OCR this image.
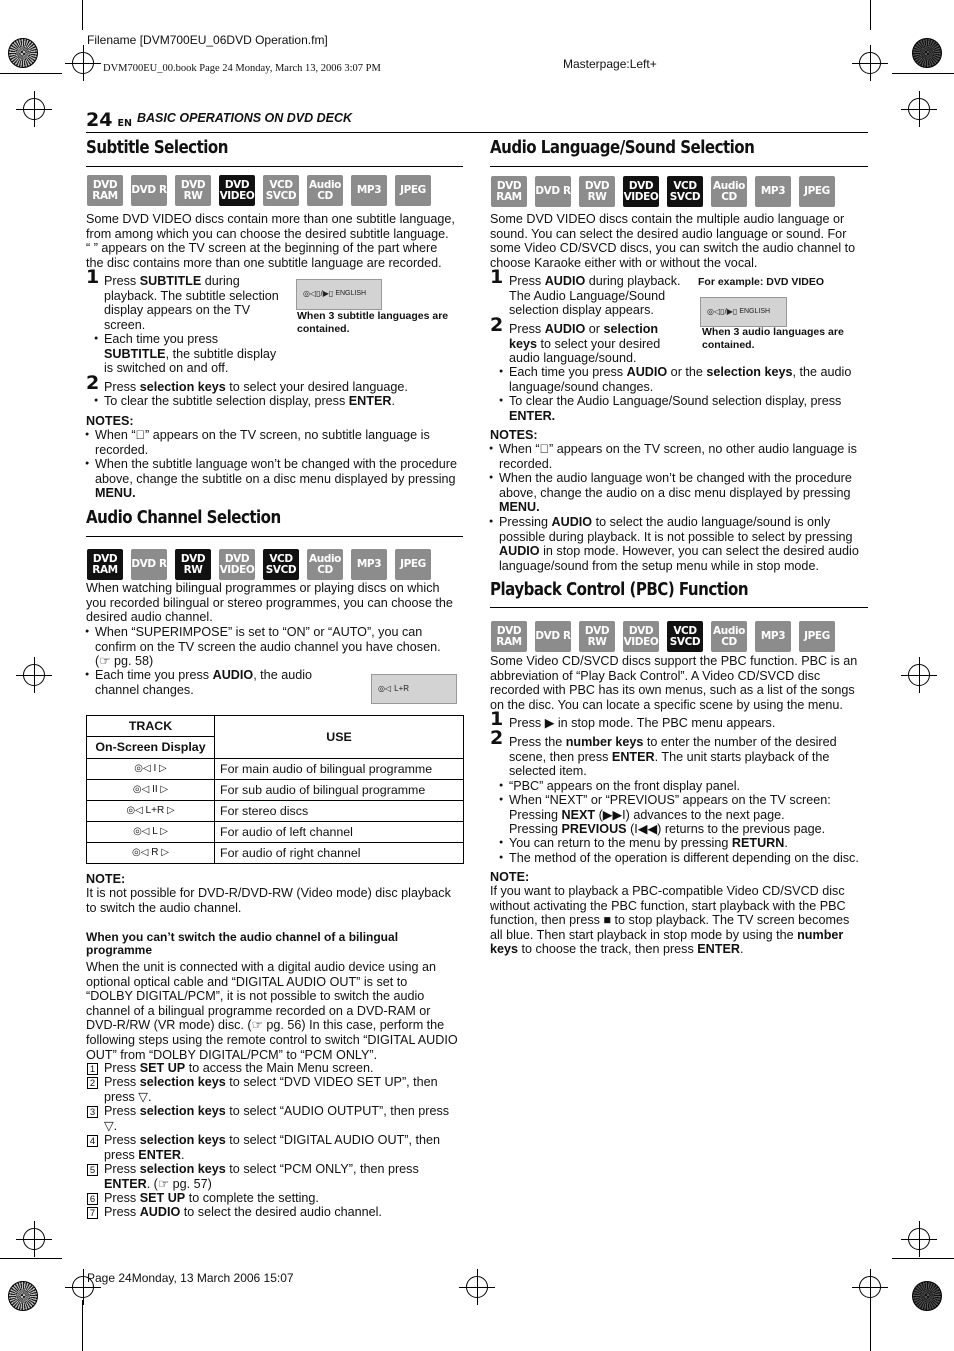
Filename [DVM700EU_06DVD Operation.fm]
DVM700EU_00.book Page 24 Monday, March 13, 2006 3:07 PM	Masterpage:Left+
24 EN BASIC OPERATIONS ON DVD DECK
Subtitle Selection
DVD RAM	DVD R	DVD RW
DVD VIDEO
VCD SVCD
Audio CD	MP3	JPEG
Some DVD VIDEO discs contain more than one subtitle language,
from among which you can choose the desired subtitle language.
“ ” appears on the TV screen at the beginning of the part where
the disc contains more than one subtitle language are recorded.
1 Press SUBTITLE during
playback. The subtitle selection
display appears on the TV
screen.
● Each time you press
SUBTITLE, the subtitle display
is switched on and off.
◎◁▯/▶▯ ENGLISH
When 3 subtitle languages are
contained.
2 Press selection keys to select your desired language.
● To clear the subtitle selection display, press ENTER.
NOTES:
● When “” appears on the TV screen, no subtitle language is
recorded.
● When the subtitle language won’t be changed with the procedure
above, change the subtitle on a disc menu displayed by pressing
MENU.
Audio Channel Selection
DVD RAM	DVD R	DVD RW
DVD VIDEO
VCD SVCD
Audio CD	MP3	JPEG
When watching bilingual programmes or playing discs on which
you recorded bilingual or stereo programmes, you can choose the
desired audio channel.
● When “SUPERIMPOSE” is set to “ON” or “AUTO”, you can
confirm on the TV screen the audio channel you have chosen.
(☞ pg. 58)
● Each time you press AUDIO, the audio
channel changes.	◎◁ L+R
TRACK	USE
On-Screen Display	
◎◁ I ▷	For main audio of bilingual programme
◎◁ II ▷	For sub audio of bilingual programme
◎◁ L+R ▷	For stereo discs
◎◁ L ▷	For audio of left channel
◎◁ R ▷	For audio of right channel
NOTE:
It is not possible for DVD-R/DVD-RW (Video mode) disc playback
to switch the audio channel.
When you can’t switch the audio channel of a bilingual
programme
When the unit is connected with a digital audio device using an
optional optical cable and “DIGITAL AUDIO OUT” is set to
“DOLBY DIGITAL/PCM”, it is not possible to switch the audio
channel of a bilingual programme recorded on a DVD-RAM or
DVD-R/RW (VR mode) disc. (☞ pg. 56) In this case, perform the
following steps using the remote control to switch “DIGITAL AUDIO
OUT” from “DOLBY DIGITAL/PCM” to “PCM ONLY”.
1 Press SET UP to access the Main Menu screen.
2 Press selection keys to select “DVD VIDEO SET UP”, then
press ▽.
3 Press selection keys to select “AUDIO OUTPUT”, then press
▽.
4 Press selection keys to select “DIGITAL AUDIO OUT”, then
press ENTER.
5 Press selection keys to select “PCM ONLY”, then press
ENTER. (☞ pg. 57)
6 Press SET UP to complete the setting.
7 Press AUDIO to select the desired audio channel.
Audio Language/Sound Selection
DVD RAM	DVD R	DVD RW
DVD VIDEO
VCD SVCD
Audio CD	MP3	JPEG
Some DVD VIDEO discs contain the multiple audio language or
sound. You can select the desired audio language or sound. For
some Video CD/SVCD discs, you can switch the audio channel to
choose Karaoke either with or without the vocal.
1 Press AUDIO during playback.
The Audio Language/Sound
selection display appears.
For example: DVD VIDEO
◎◁▯/▶▯ ENGLISH
When 3 audio languages are
contained.
2 Press AUDIO or selection
keys to select your desired
audio language/sound.
● Each time you press AUDIO or the selection keys, the audio
language/sound changes.
● To clear the Audio Language/Sound selection display, press
ENTER.
NOTES:
● When “” appears on the TV screen, no other audio language is
recorded.
● When the audio language won’t be changed with the procedure
above, change the audio on a disc menu displayed by pressing
MENU.
● Pressing AUDIO to select the audio language/sound is only
possible during playback. It is not possible to select by pressing
AUDIO in stop mode. However, you can select the desired audio
language/sound from the setup menu while in stop mode.
Playback Control (PBC) Function
DVD RAM	DVD R	DVD RW
DVD VIDEO
VCD SVCD
Audio CD	MP3	JPEG
Some Video CD/SVCD discs support the PBC function. PBC is an
abbreviation of “Play Back Control”. A Video CD/SVCD disc
recorded with PBC has its own menus, such as a list of the songs
on the disc. You can locate a specific scene by using the menu.
1 Press ▶ in stop mode. The PBC menu appears.
2 Press the number keys to enter the number of the desired
scene, then press ENTER. The unit starts playback of the
selected item.
● “PBC” appears on the front display panel.
● When “NEXT” or “PREVIOUS” appears on the TV screen:
Pressing NEXT (▶▶I) advances to the next page.
Pressing PREVIOUS (I◀◀) returns to the previous page.
● You can return to the menu by pressing RETURN.
● The method of the operation is different depending on the disc.
NOTE:
If you want to playback a PBC-compatible Video CD/SVCD disc
without activating the PBC function, start playback with the PBC
function, then press ■ to stop playback. The TV screen becomes
all blue. Then start playback in stop mode by using the number
keys to choose the track, then press ENTER.
Page 24Monday, 13 March 2006 15:07
